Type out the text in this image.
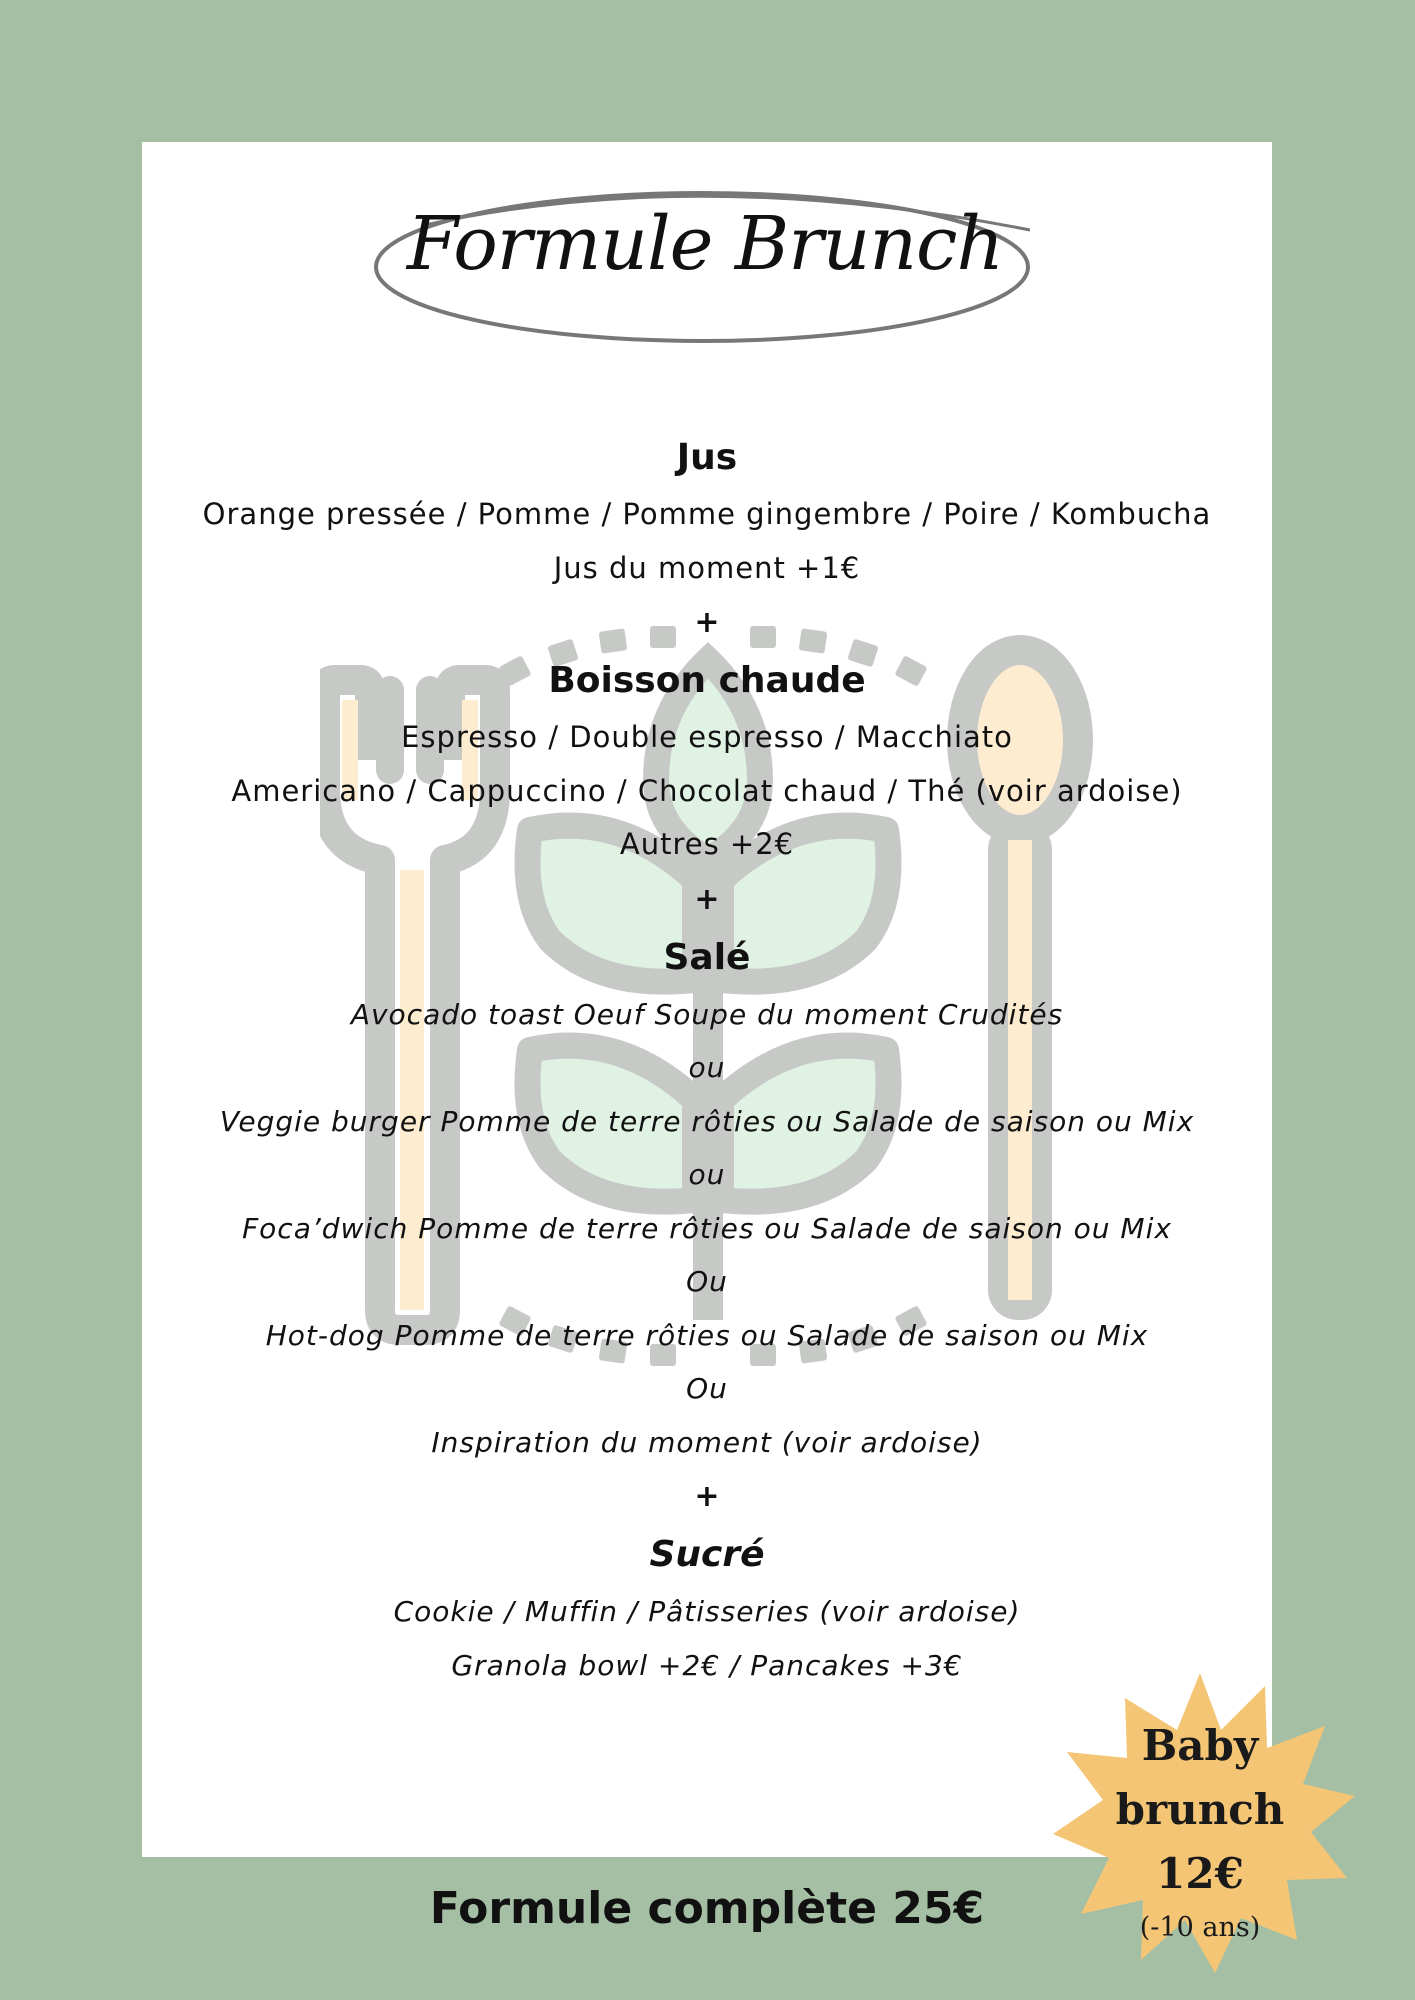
Formule Brunch

Jus

Orange pressée / Pomme / Pomme gingembre / Poire / Kombucha

Jus du moment +1€

+

Boisson chaude

Espresso / Double espresso / Macchiato

Americano / Cappuccino / Chocolat chaud / Thé (voir ardoise)

Autres +2€

+

Salé

Avocado toast Oeuf Soupe du moment Crudités

ou

Veggie burger Pomme de terre rôties ou Salade de saison ou Mix

ou

Foca’dwich Pomme de terre rôties ou Salade de saison ou Mix

Ou

Hot-dog Pomme de terre rôties ou Salade de saison ou Mix

Ou

Inspiration du moment (voir ardoise)

+

Sucré

Cookie / Muffin / Pâtisseries (voir ardoise)

Granola bowl +2€ / Pancakes +3€

Formule complète 25€
Baby
brunch
12€
(-10 ans)
